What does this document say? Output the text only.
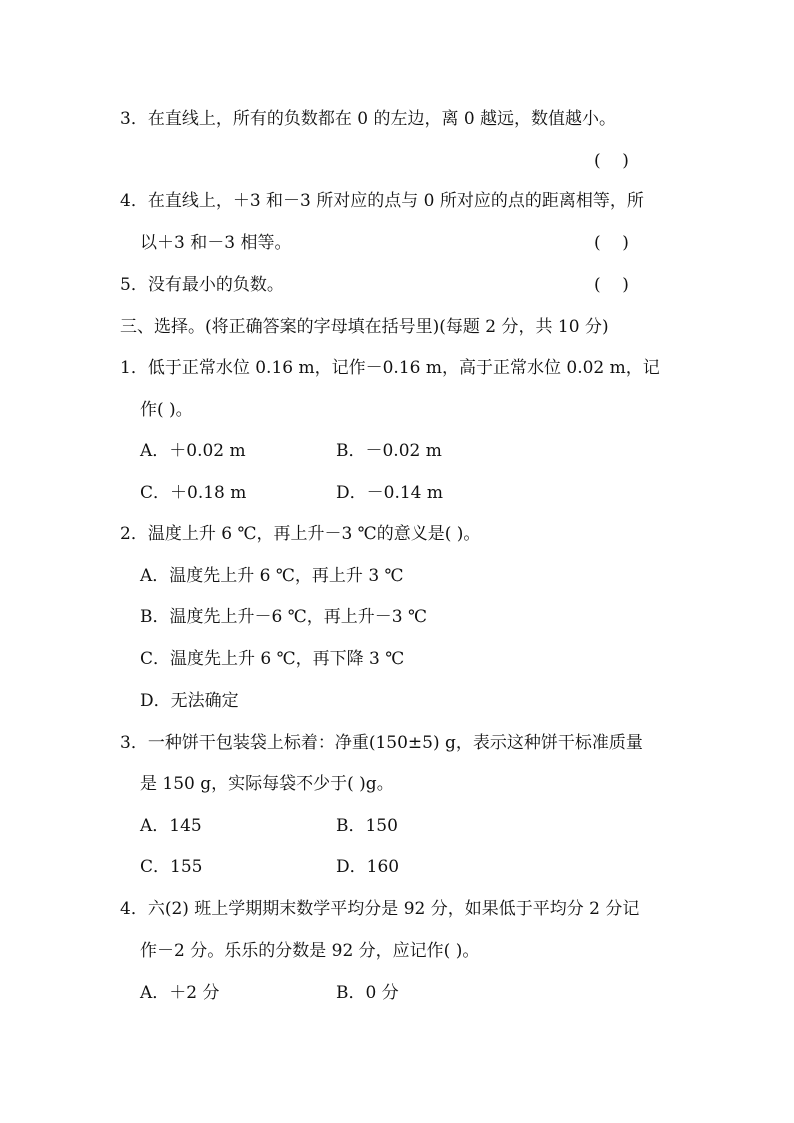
3．在直线上，所有的负数都在 0 的左边，离 0 越远，数值越小。
(    )
4．在直线上，＋3 和－3 所对应的点与 0 所对应的点的距离相等，所
以＋3 和－3 相等。	(    )
5．没有最小的负数。	(    )
三、选择。(将正确答案的字母填在括号里)(每题 2 分，共 10 分)
1．低于正常水位 0.16 m，记作－0.16 m，高于正常水位 0.02 m，记
作( )。
A．＋0.02 m	B．－0.02 m
C．＋0.18 m	D．－0.14 m
2．温度上升 6 ℃，再上升－3 ℃的意义是( )。
A．温度先上升 6 ℃，再上升 3 ℃
B．温度先上升－6 ℃，再上升－3 ℃
C．温度先上升 6 ℃，再下降 3 ℃
D．无法确定
3．一种饼干包装袋上标着：净重(150±5) g，表示这种饼干标准质量
是 150 g，实际每袋不少于( )g。
A．145	B．150
C．155	D．160
4．六(2) 班上学期期末数学平均分是 92 分，如果低于平均分 2 分记
作－2 分。乐乐的分数是 92 分，应记作( )。
A．＋2 分	B．0 分
